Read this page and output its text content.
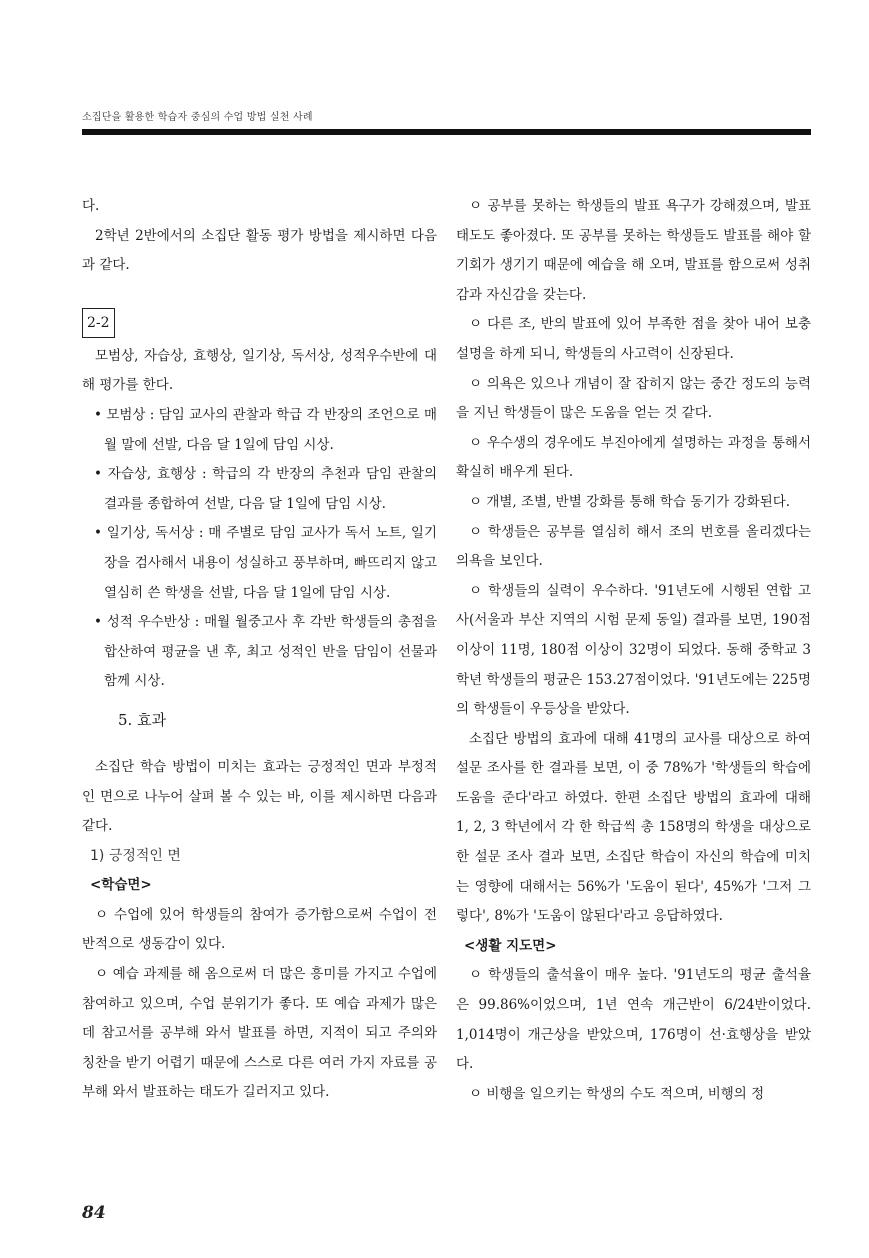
소집단을 활용한 학습자 중심의 수업 방법 실천 사례

다.

2학년 2반에서의 소집단 활동 평가 방법을 제시하면 다음과 같다.

2-2

모범상, 자습상, 효행상, 일기상, 독서상, 성적우수반에 대해 평가를 한다.

• 모범상 : 담임 교사의 관찰과 학급 각 반장의 조언으로 매월 말에 선발, 다음 달 1일에 담임 시상.

• 자습상, 효행상 : 학급의 각 반장의 추천과 담임 관찰의 결과를 종합하여 선발, 다음 달 1일에 담임 시상.

• 일기상, 독서상 : 매 주별로 담임 교사가 독서 노트, 일기장을 검사해서 내용이 성실하고 풍부하며, 빠뜨리지 않고 열심히 쓴 학생을 선발, 다음 달 1일에 담임 시상.

• 성적 우수반상 : 매월 월중고사 후 각반 학생들의 총점을 합산하여 평균을 낸 후, 최고 성적인 반을 담임이 선물과 함께 시상.

5. 효과

소집단 학습 방법이 미치는 효과는 긍정적인 면과 부정적인 면으로 나누어 살펴 볼 수 있는 바, 이를 제시하면 다음과 같다.

1) 긍정적인 면

<학습면>

ㅇ 수업에 있어 학생들의 참여가 증가함으로써 수업이 전반적으로 생동감이 있다.

ㅇ 예습 과제를 해 옴으로써 더 많은 흥미를 가지고 수업에 참여하고 있으며, 수업 분위기가 좋다. 또 예습 과제가 많은데 참고서를 공부해 와서 발표를 하면, 지적이 되고 주의와 칭찬을 받기 어렵기 때문에 스스로 다른 여러 가지 자료를 공부해 와서 발표하는 태도가 길러지고 있다.

ㅇ 공부를 못하는 학생들의 발표 욕구가 강해졌으며, 발표 태도도 좋아졌다. 또 공부를 못하는 학생들도 발표를 해야 할 기회가 생기기 때문에 예습을 해 오며, 발표를 함으로써 성취감과 자신감을 갖는다.

ㅇ 다른 조, 반의 발표에 있어 부족한 점을 찾아 내어 보충 설명을 하게 되니, 학생들의 사고력이 신장된다.

ㅇ 의욕은 있으나 개념이 잘 잡히지 않는 중간 정도의 능력을 지닌 학생들이 많은 도움을 얻는 것 같다.

ㅇ 우수생의 경우에도 부진아에게 설명하는 과정을 통해서 확실히 배우게 된다.

ㅇ 개별, 조별, 반별 강화를 통해 학습 동기가 강화된다.

ㅇ 학생들은 공부를 열심히 해서 조의 번호를 올리겠다는 의욕을 보인다.

ㅇ 학생들의 실력이 우수하다. '91년도에 시행된 연합 고사(서울과 부산 지역의 시험 문제 동일) 결과를 보면, 190점 이상이 11명, 180점 이상이 32명이 되었다. 동해 중학교 3학년 학생들의 평균은 153.27점이었다. '91년도에는 225명의 학생들이 우등상을 받았다.

소집단 방법의 효과에 대해 41명의 교사를 대상으로 하여 설문 조사를 한 결과를 보면, 이 중 78%가 '학생들의 학습에 도움을 준다'라고 하였다. 한편 소집단 방법의 효과에 대해 1, 2, 3 학년에서 각 한 학급씩 총 158명의 학생을 대상으로 한 설문 조사 결과 보면, 소집단 학습이 자신의 학습에 미치는 영향에 대해서는 56%가 '도움이 된다', 45%가 '그저 그렇다', 8%가 '도움이 않된다'라고 응답하였다.

<생활 지도면>

ㅇ 학생들의 출석율이 매우 높다. '91년도의 평균 출석율은 99.86%이었으며, 1년 연속 개근반이 6/24반이었다. 1,014명이 개근상을 받았으며, 176명이 선·효행상을 받았다.

ㅇ 비행을 일으키는 학생의 수도 적으며, 비행의 정

84
